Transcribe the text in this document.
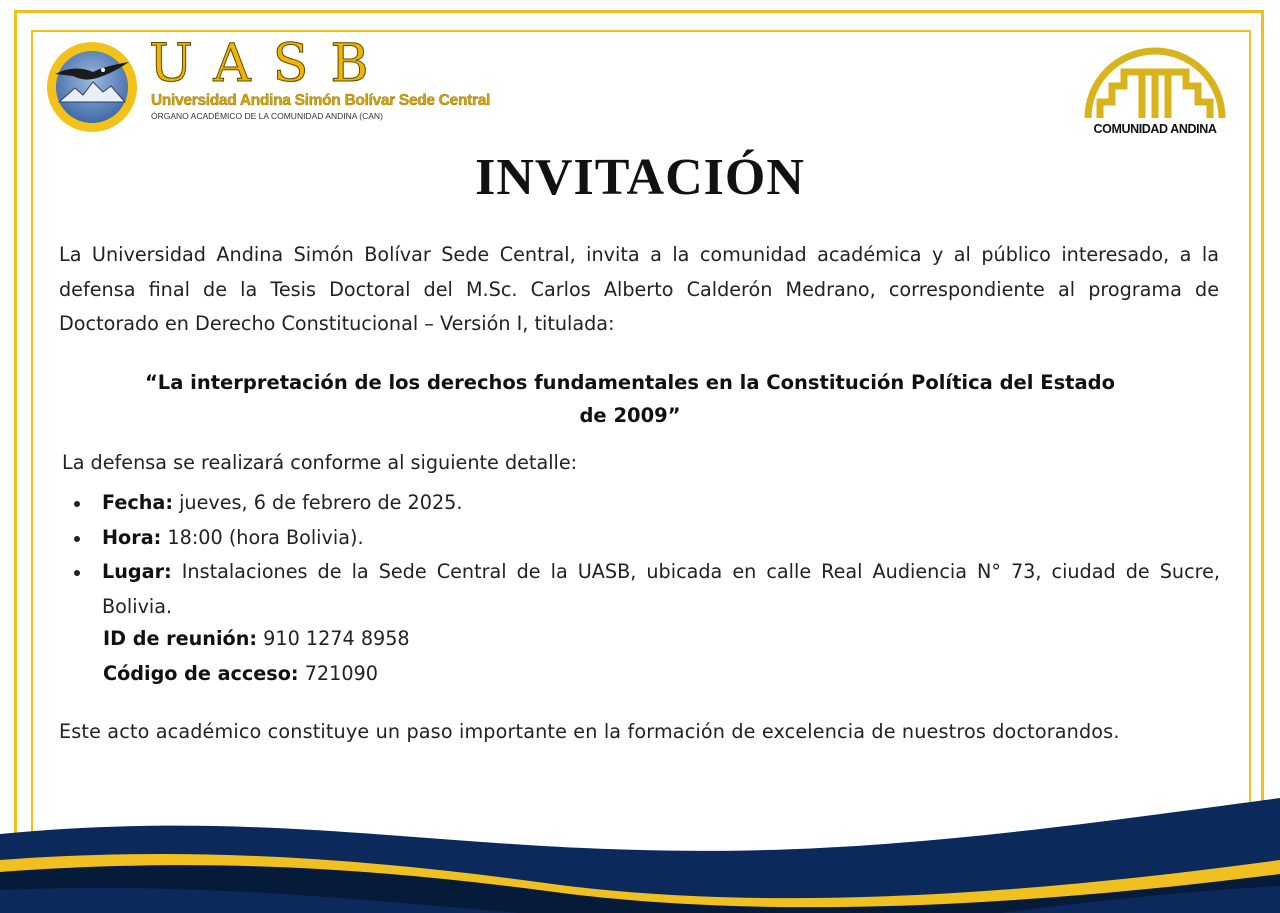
UASB
Universidad Andina Simón Bolívar Sede Central
ÓRGANO ACADÉMICO DE LA COMUNIDAD ANDINA (CAN)
COMUNIDAD ANDINA
INVITACIÓN
La Universidad Andina Simón Bolívar Sede Central, invita a la comunidad académica y al público interesado, a la defensa final de la Tesis Doctoral del M.Sc. Carlos Alberto Calderón Medrano, correspondiente al programa de Doctorado en Derecho Constitucional – Versión I, titulada:
“La interpretación de los derechos fundamentales en la Constitución Política del Estado de 2009”
La defensa se realizará conforme al siguiente detalle:
Fecha: jueves, 6 de febrero de 2025.
Hora: 18:00 (hora Bolivia).
Lugar: Instalaciones de la Sede Central de la UASB, ubicada en calle Real Audiencia N° 73, ciudad de Sucre, Bolivia.
ID de reunión: 910 1274 8958
Código de acceso: 721090
Este acto académico constituye un paso importante en la formación de excelencia de nuestros doctorandos.
